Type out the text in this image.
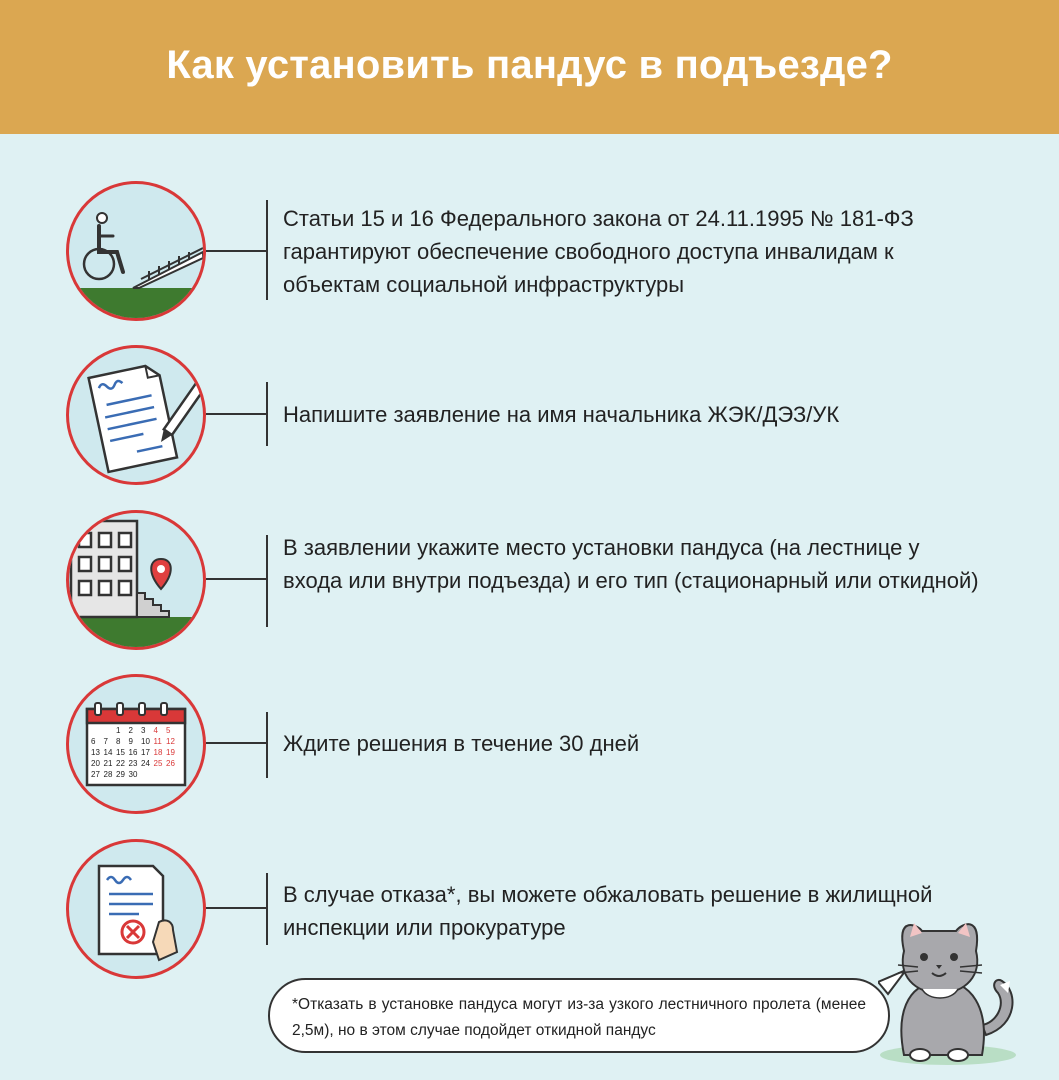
Как установить пандус в подъезде?
Статьи 15 и 16 Федерального закона от 24.11.1995 № 181-ФЗ гарантируют обеспечение свободного доступа инвалидам к объектам социальной инфраструктуры
Напишите заявление на имя начальника ЖЭК/ДЭЗ/УК
В заявлении укажите место установки пандуса (на лестнице у входа или внутри подъезда) и его тип (стационарный или откидной)
1 2 3 4 5
6 7 8 9 10 11 12
13 14 15 16 17 18 19
20 21 22 23 24 25 26
27 28 29 30
Ждите решения в течение 30 дней
В случае отказа*, вы можете обжаловать решение в жилищной инспекции или прокуратуре
*Отказать в установке пандуса могут из-за узкого лестничного пролета (менее 2,5м), но в этом случае подойдет откидной пандус
